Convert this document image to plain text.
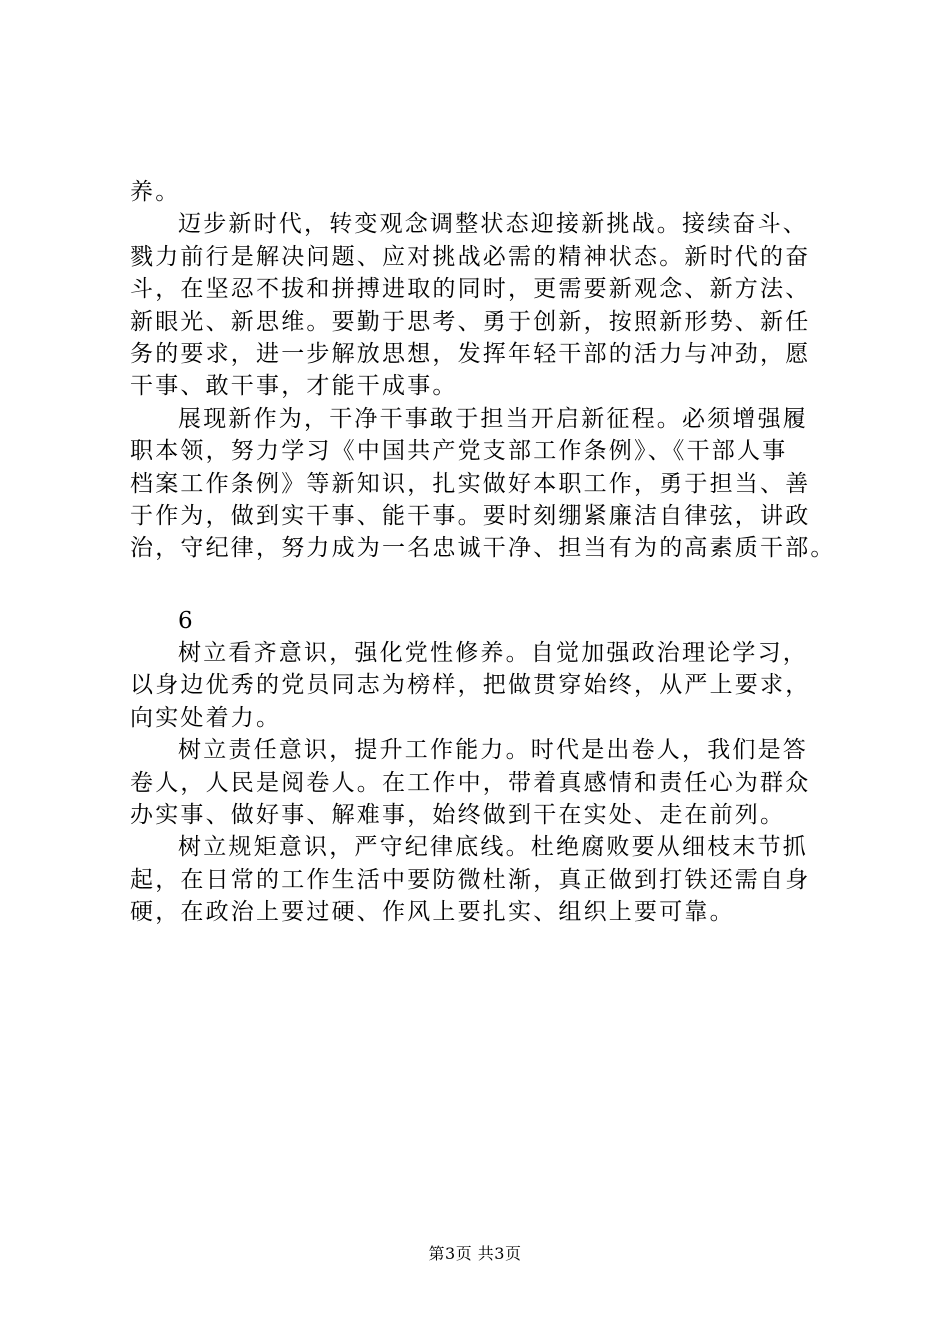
养。
迈步新时代，转变观念调整状态迎接新挑战。接续奋斗、
戮力前行是解决问题、应对挑战必需的精神状态。新时代的奋
斗，在坚忍不拔和拼搏进取的同时，更需要新观念、新方法、
新眼光、新思维。要勤于思考、勇于创新，按照新形势、新任
务的要求，进一步解放思想，发挥年轻干部的活力与冲劲，愿
干事、敢干事，才能干成事。
展现新作为，干净干事敢于担当开启新征程。必须增强履
职本领，努力学习《中国共产党支部工作条例》、《干部人事
档案工作条例》等新知识，扎实做好本职工作，勇于担当、善
于作为，做到实干事、能干事。要时刻绷紧廉洁自律弦，讲政
治，守纪律，努力成为一名忠诚干净、担当有为的高素质干部。
6
树立看齐意识，强化党性修养。自觉加强政治理论学习，
以身边优秀的党员同志为榜样，把做贯穿始终，从严上要求，
向实处着力。
树立责任意识，提升工作能力。时代是出卷人，我们是答
卷人，人民是阅卷人。在工作中，带着真感情和责任心为群众
办实事、做好事、解难事，始终做到干在实处、走在前列。
树立规矩意识，严守纪律底线。杜绝腐败要从细枝末节抓
起，在日常的工作生活中要防微杜渐，真正做到打铁还需自身
硬，在政治上要过硬、作风上要扎实、组织上要可靠。
第3页 共3页
